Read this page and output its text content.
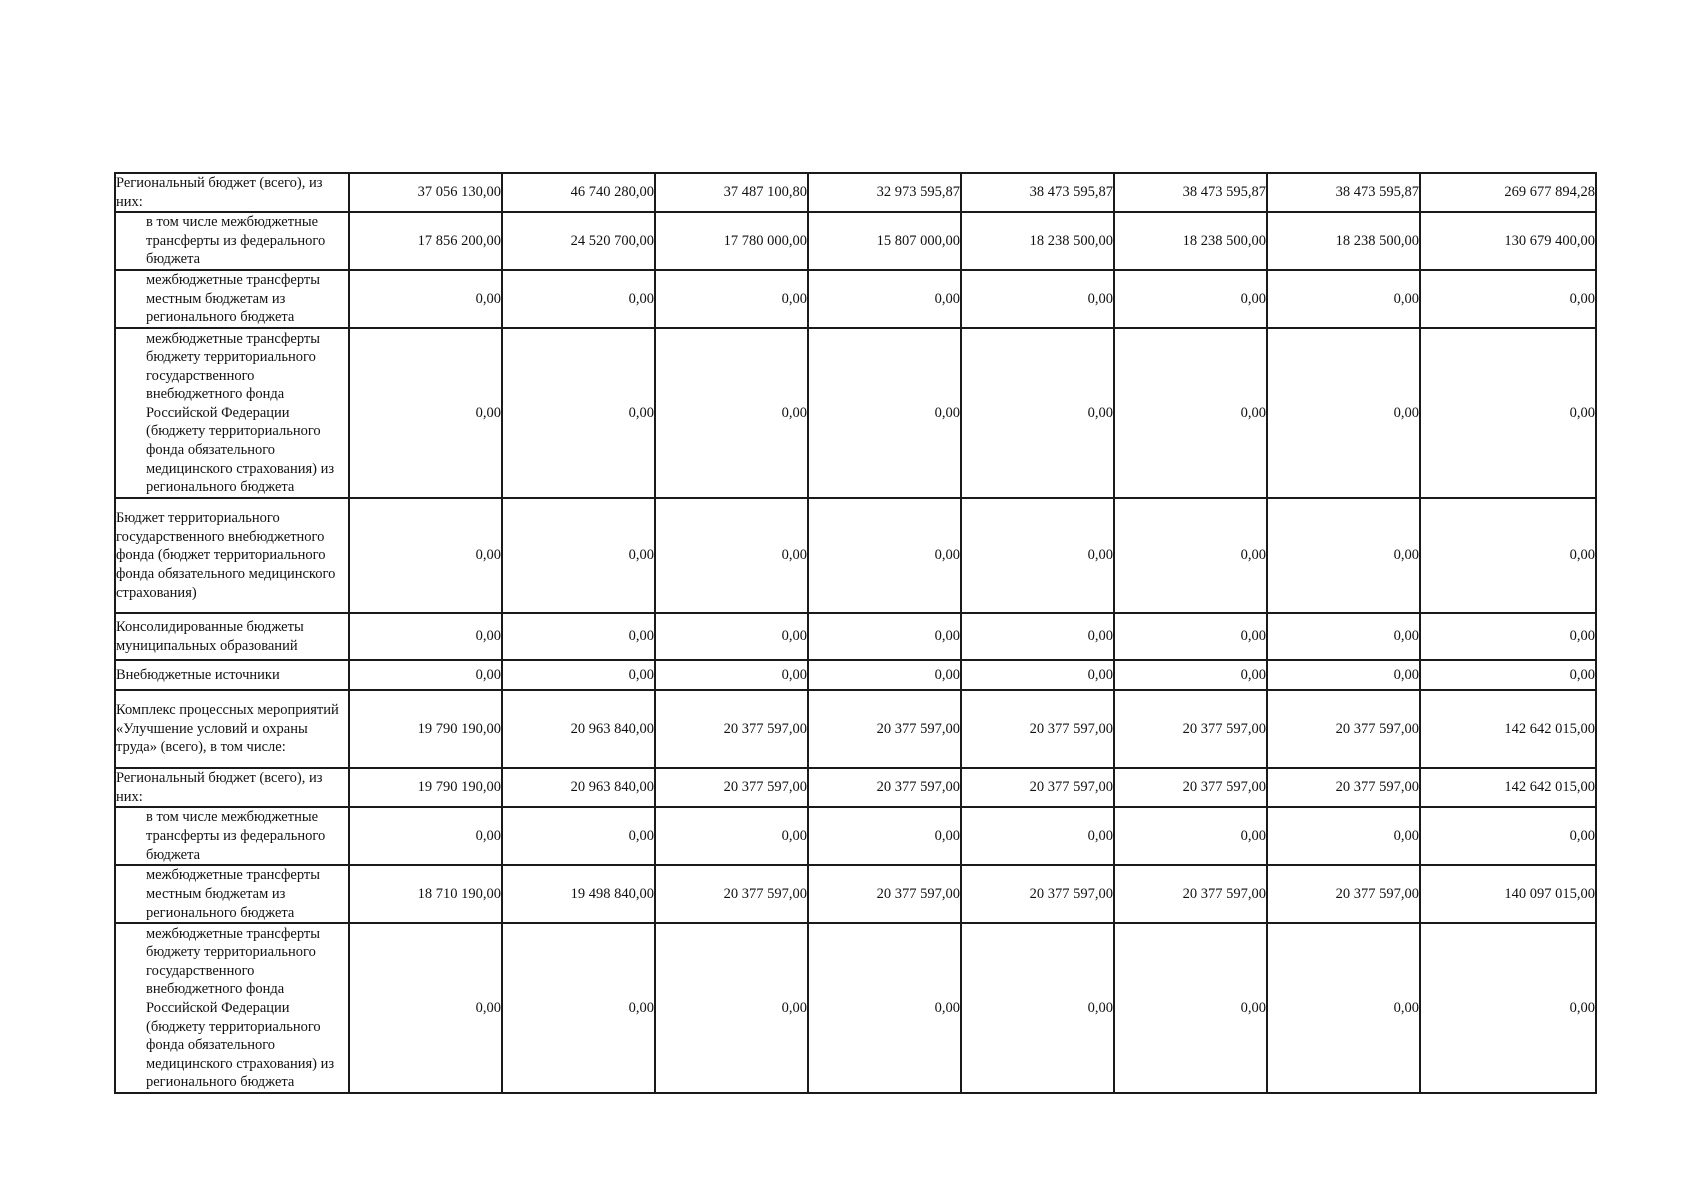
Региональный бюджет (всего), из них:	37 056 130,00	46 740 280,00	37 487 100,80	32 973 595,87	38 473 595,87	38 473 595,87	38 473 595,87	269 677 894,28
в том числе межбюджетные трансферты из федерального бюджета	17 856 200,00	24 520 700,00	17 780 000,00	15 807 000,00	18 238 500,00	18 238 500,00	18 238 500,00	130 679 400,00
межбюджетные трансферты местным бюджетам из регионального бюджета	0,00	0,00	0,00	0,00	0,00	0,00	0,00	0,00
межбюджетные трансферты бюджету территориального государственного внебюджетного фонда Российской Федерации (бюджету территориального фонда обязательного медицинского страхования) из регионального бюджета	0,00	0,00	0,00	0,00	0,00	0,00	0,00	0,00
Бюджет территориального государственного внебюджетного фонда (бюджет территориального фонда обязательного медицинского страхования)	0,00	0,00	0,00	0,00	0,00	0,00	0,00	0,00
Консолидированные бюджеты муниципальных образований	0,00	0,00	0,00	0,00	0,00	0,00	0,00	0,00
Внебюджетные источники	0,00	0,00	0,00	0,00	0,00	0,00	0,00	0,00
Комплекс процессных мероприятий «Улучшение условий и охраны труда» (всего), в том числе:	19 790 190,00	20 963 840,00	20 377 597,00	20 377 597,00	20 377 597,00	20 377 597,00	20 377 597,00	142 642 015,00
Региональный бюджет (всего), из них:	19 790 190,00	20 963 840,00	20 377 597,00	20 377 597,00	20 377 597,00	20 377 597,00	20 377 597,00	142 642 015,00
в том числе межбюджетные трансферты из федерального бюджета	0,00	0,00	0,00	0,00	0,00	0,00	0,00	0,00
межбюджетные трансферты местным бюджетам из регионального бюджета	18 710 190,00	19 498 840,00	20 377 597,00	20 377 597,00	20 377 597,00	20 377 597,00	20 377 597,00	140 097 015,00
межбюджетные трансферты бюджету территориального государственного внебюджетного фонда Российской Федерации (бюджету территориального фонда обязательного медицинского страхования) из регионального бюджета	0,00	0,00	0,00	0,00	0,00	0,00	0,00	0,00
